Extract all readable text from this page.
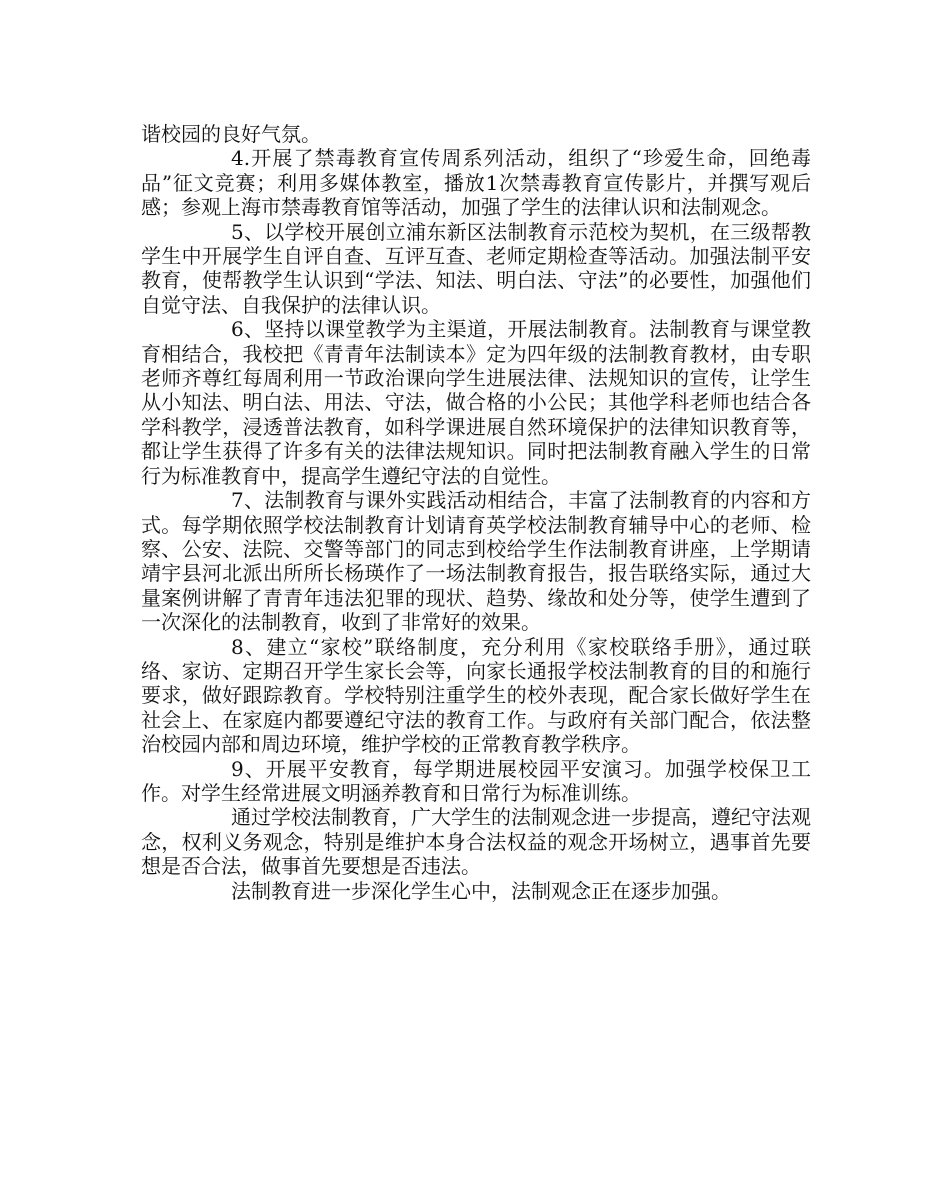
谐校园的良好气氛。

4.开展了禁毒教育宣传周系列活动，组织了“珍爱生命，回绝毒品”征文竞赛；利用多媒体教室，播放1次禁毒教育宣传影片，并撰写观后感；参观上海市禁毒教育馆等活动，加强了学生的法律认识和法制观念。

5、以学校开展创立浦东新区法制教育示范校为契机，在三级帮教学生中开展学生自评自查、互评互查、老师定期检查等活动。加强法制平安教育，使帮教学生认识到“学法、知法、明白法、守法”的必要性，加强他们自觉守法、自我保护的法律认识。

6、坚持以课堂教学为主渠道，开展法制教育。法制教育与课堂教育相结合，我校把《青青年法制读本》定为四年级的法制教育教材，由专职老师齐尊红每周利用一节政治课向学生进展法律、法规知识的宣传，让学生从小知法、明白法、用法、守法，做合格的小公民；其他学科老师也结合各学科教学，浸透普法教育，如科学课进展自然环境保护的法律知识教育等，都让学生获得了许多有关的法律法规知识。同时把法制教育融入学生的日常行为标准教育中，提高学生遵纪守法的自觉性。

7、法制教育与课外实践活动相结合，丰富了法制教育的内容和方式。每学期依照学校法制教育计划请育英学校法制教育辅导中心的老师、检察、公安、法院、交警等部门的同志到校给学生作法制教育讲座，上学期请靖宇县河北派出所所长杨瑛作了一场法制教育报告，报告联络实际，通过大量案例讲解了青青年违法犯罪的现状、趋势、缘故和处分等，使学生遭到了一次深化的法制教育，收到了非常好的效果。

8、建立“家校”联络制度，充分利用《家校联络手册》，通过联络、家访、定期召开学生家长会等，向家长通报学校法制教育的目的和施行要求，做好跟踪教育。学校特别注重学生的校外表现，配合家长做好学生在社会上、在家庭内都要遵纪守法的教育工作。与政府有关部门配合，依法整治校园内部和周边环境，维护学校的正常教育教学秩序。

9、开展平安教育，每学期进展校园平安演习。加强学校保卫工作。对学生经常进展文明涵养教育和日常行为标准训练。

通过学校法制教育，广大学生的法制观念进一步提高，遵纪守法观念，权利义务观念，特别是维护本身合法权益的观念开场树立，遇事首先要想是否合法，做事首先要想是否违法。

法制教育进一步深化学生心中，法制观念正在逐步加强。
